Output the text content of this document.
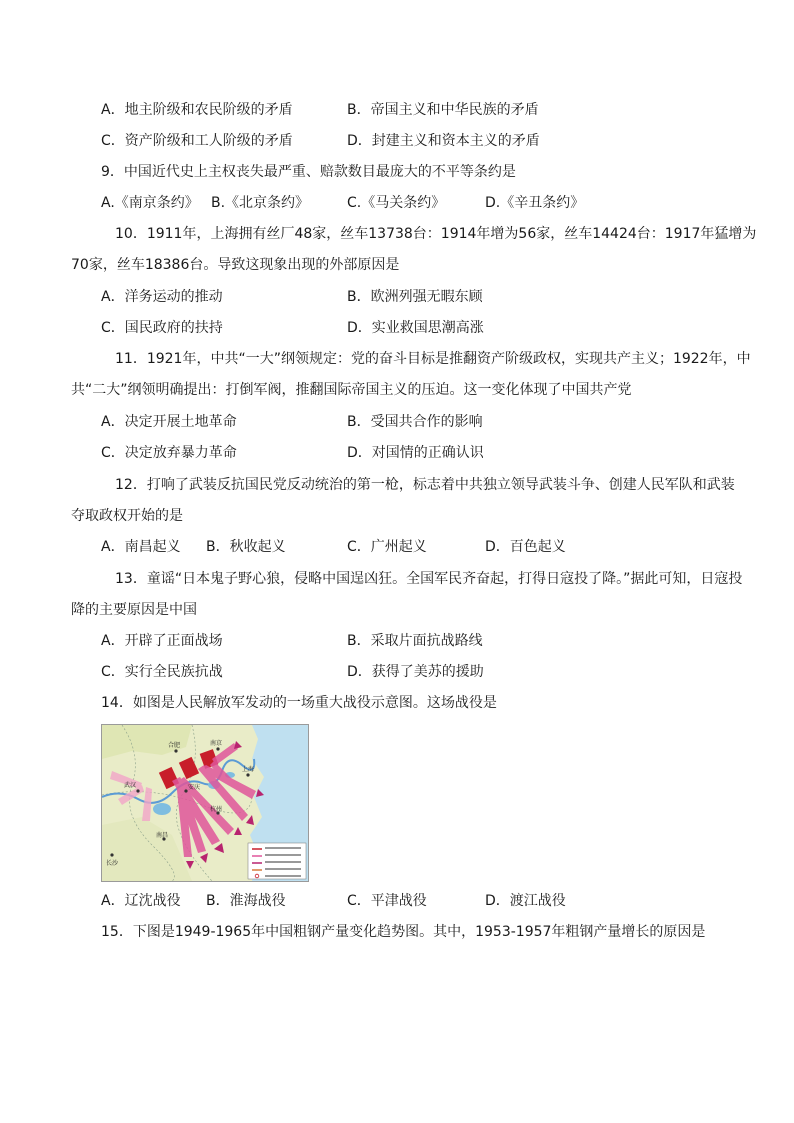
A．地主阶级和农民阶级的矛盾	B．帝国主义和中华民族的矛盾
C．资产阶级和工人阶级的矛盾	D．封建主义和资本主义的矛盾
9．中国近代史上主权丧失最严重、赔款数目最庞大的不平等条约是
A.《南京条约》 B.《北京条约》	C.《马关条约》	D.《辛丑条约》
10．1911年，上海拥有丝厂48家，丝车13738台：1914年增为56家，丝车14424台：1917年猛增为
70家，丝车18386台。导致这现象出现的外部原因是
A．洋务运动的推动	B．欧洲列强无暇东顾
C．国民政府的扶持	D．实业救国思潮高涨
11．1921年，中共“一大”纲领规定：党的奋斗目标是推翻资产阶级政权，实现共产主义；1922年，中
共“二大”纲领明确提出：打倒军阀，推翻国际帝国主义的压迫。这一变化体现了中国共产党
A．决定开展土地革命	B．受国共合作的影响
C．决定放弃暴力革命	D．对国情的正确认识
12．打响了武装反抗国民党反动统治的第一枪，标志着中共独立领导武装斗争、创建人民军队和武装
夺取政权开始的是
A．南昌起义 B．秋收起义	C．广州起义	D．百色起义
13．童谣“日本鬼子野心狼，侵略中国逞凶狂。全国军民齐奋起，打得日寇投了降。”据此可知，日寇投
降的主要原因是中国
A．开辟了正面战场	B．采取片面抗战路线
C．实行全民族抗战	D．获得了美苏的援助
14．如图是人民解放军发动的一场重大战役示意图。这场战役是
合肥	南京
武汉
杭州
南昌
长沙
安庆
上海
A．辽沈战役 B．淮海战役	C．平津战役	D．渡江战役
15．下图是1949-1965年中国粗钢产量变化趋势图。其中，1953-1957年粗钢产量增长的原因是
